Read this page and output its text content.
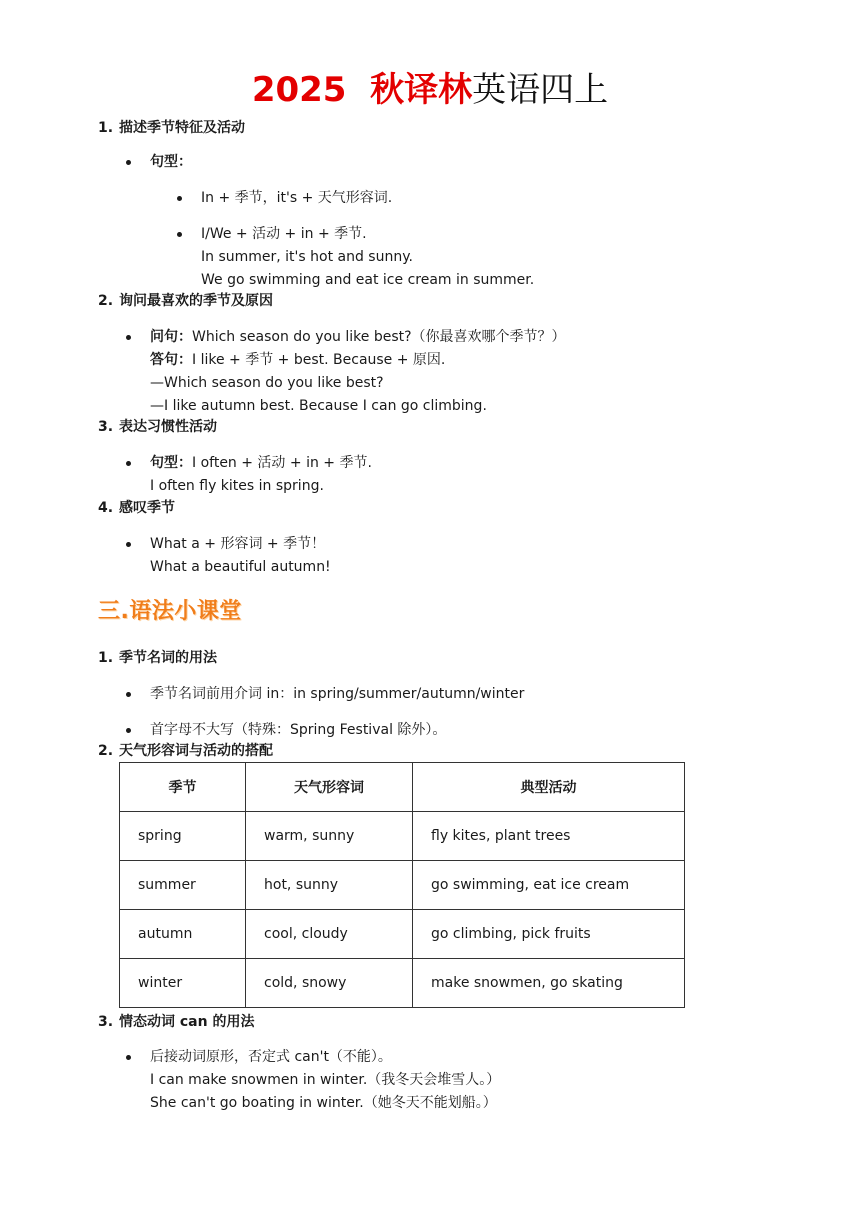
2025 秋译林英语四上
1. 描述季节特征及活动
句型：
In + 季节，it's + 天气形容词.
I/We + 活动 + in + 季节.
In summer, it's hot and sunny.
We go swimming and eat ice cream in summer.
2. 询问最喜欢的季节及原因
问句：Which season do you like best?（你最喜欢哪个季节？）
答句：I like + 季节 + best. Because + 原因.
—Which season do you like best?
—I like autumn best. Because I can go climbing.
3. 表达习惯性活动
句型：I often + 活动 + in + 季节.
I often fly kites in spring.
4. 感叹季节
What a + 形容词 + 季节！
What a beautiful autumn!
三.语法小课堂
1. 季节名词的用法
季节名词前用介词 in：in spring/summer/autumn/winter
首字母不大写（特殊：Spring Festival 除外）。
2. 天气形容词与活动的搭配
季节	天气形容词	典型活动
spring	warm, sunny	fly kites, plant trees
summer	hot, sunny	go swimming, eat ice cream
autumn	cool, cloudy	go climbing, pick fruits
winter	cold, snowy	make snowmen, go skating
3. 情态动词 can 的用法
后接动词原形，否定式 can't（不能）。
I can make snowmen in winter.（我冬天会堆雪人。）
She can't go boating in winter.（她冬天不能划船。）
